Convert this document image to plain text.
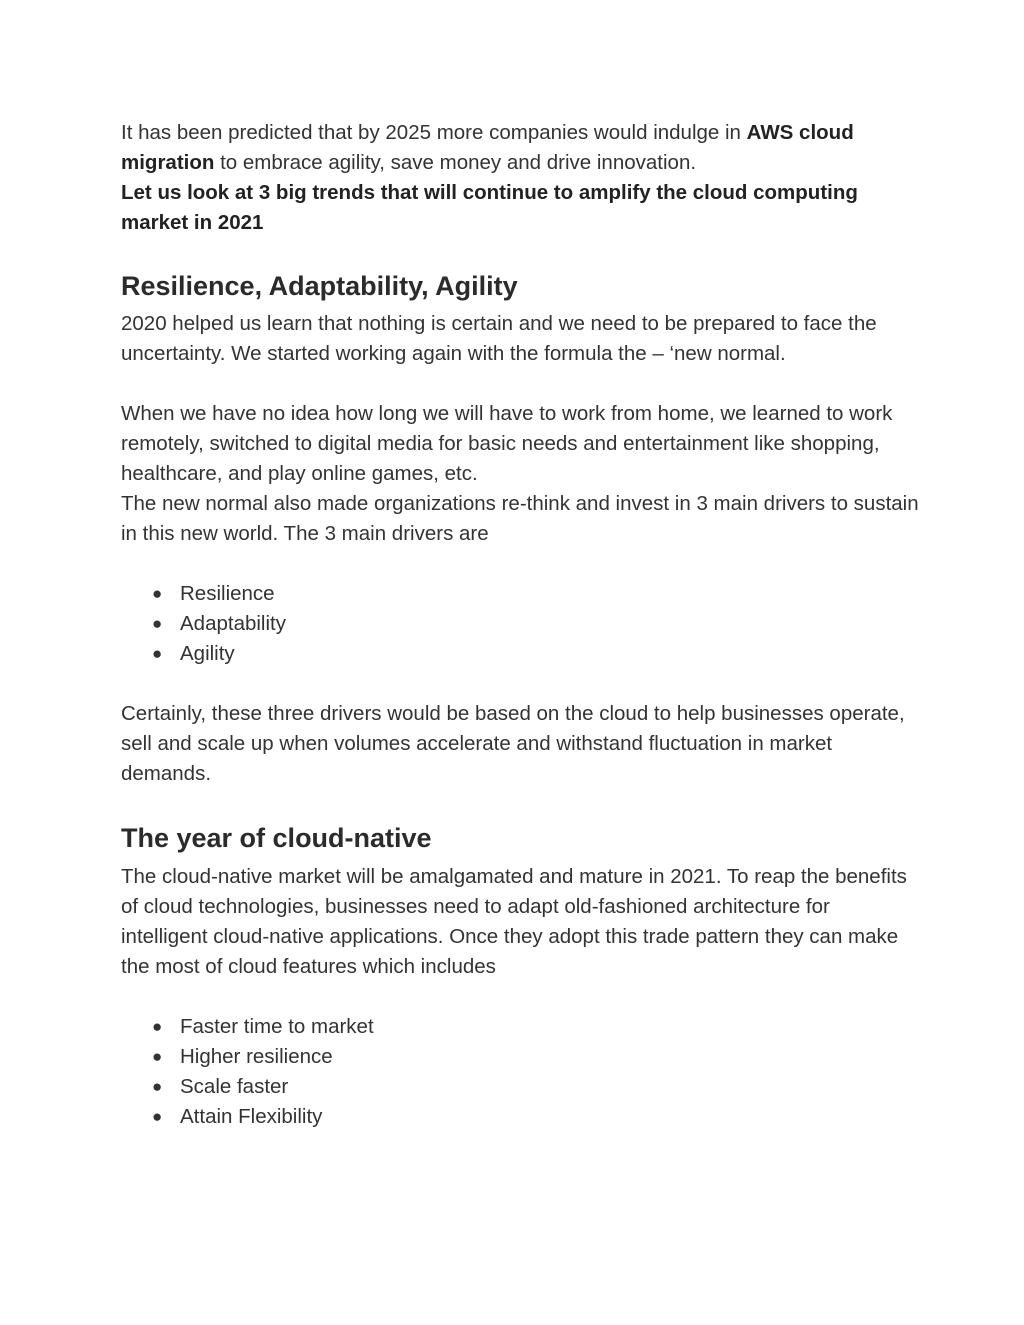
It has been predicted that by 2025 more companies would indulge in AWS cloud migration to embrace agility, save money and drive innovation.

Let us look at 3 big trends that will continue to amplify the cloud computing market in 2021

Resilience, Adaptability, Agility

2020 helped us learn that nothing is certain and we need to be prepared to face the uncertainty. We started working again with the formula the – ‘new normal.

When we have no idea how long we will have to work from home, we learned to work remotely, switched to digital media for basic needs and entertainment like shopping, healthcare, and play online games, etc.

The new normal also made organizations re-think and invest in 3 main drivers to sustain in this new world. The 3 main drivers are

● Resilience
● Adaptability
● Agility

Certainly, these three drivers would be based on the cloud to help businesses operate, sell and scale up when volumes accelerate and withstand fluctuation in market demands.

The year of cloud-native

The cloud-native market will be amalgamated and mature in 2021. To reap the benefits of cloud technologies, businesses need to adapt old-fashioned architecture for intelligent cloud-native applications. Once they adopt this trade pattern they can make the most of cloud features which includes

● Faster time to market
● Higher resilience
● Scale faster
● Attain Flexibility
